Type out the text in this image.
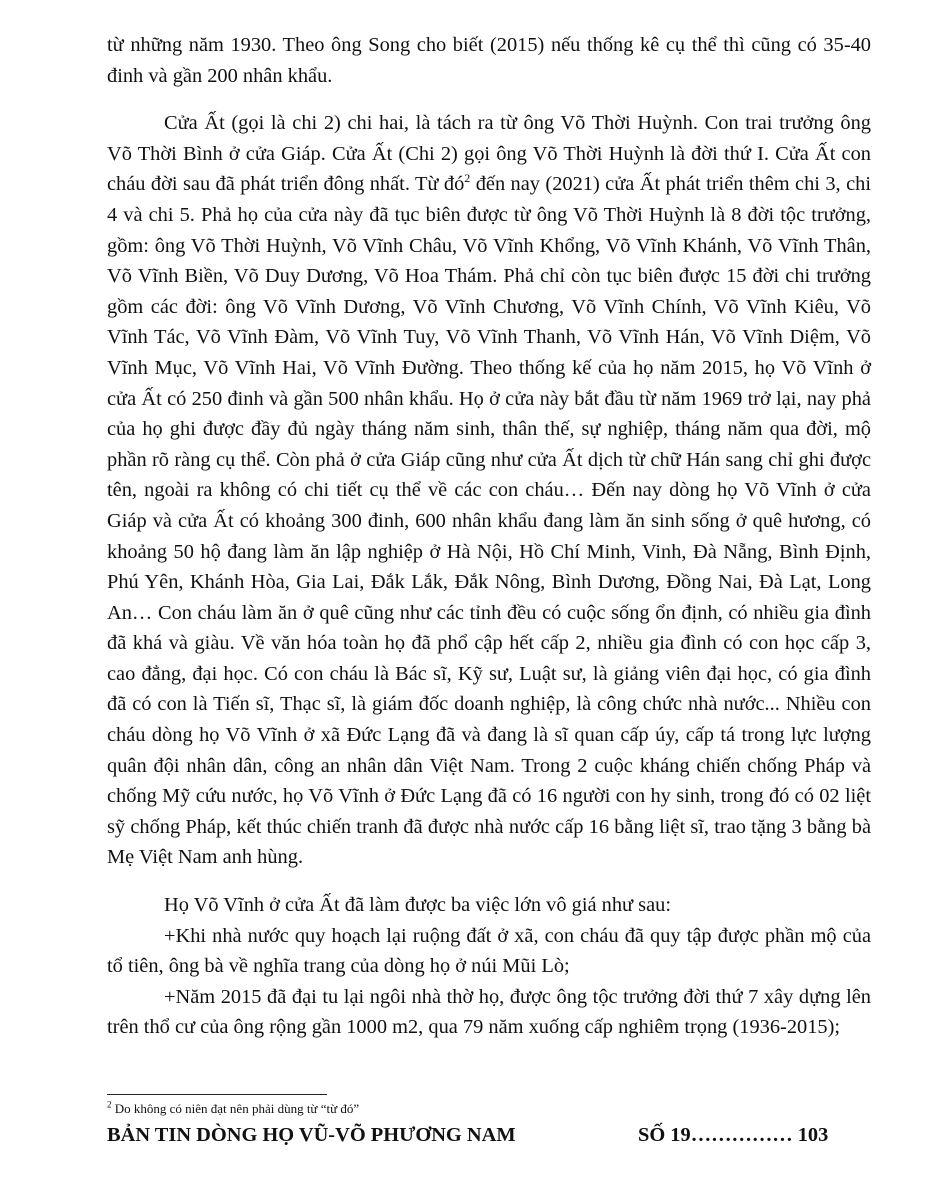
từ những năm 1930. Theo ông Song cho biết (2015) nếu thống kê cụ thể thì cũng có 35-40 đinh và gần 200 nhân khẩu.

Cửa Ất (gọi là chi 2) chi hai, là tách ra từ ông Võ Thời Huỳnh. Con trai trưởng ông Võ Thời Bình ở cửa Giáp. Cửa Ất (Chi 2) gọi ông Võ Thời Huỳnh là đời thứ I. Cửa Ất con cháu đời sau đã phát triển đông nhất. Từ $đó^2$ đến nay (2021) cửa Ất phát triển thêm chi 3, chi 4 và chi 5. Phả họ của cửa này đã tục biên được từ ông Võ Thời Huỳnh là 8 đời tộc trưởng, gồm: ông Võ Thời Huỳnh, Võ Vĩnh Châu, Võ Vĩnh Khổng, Võ Vĩnh Khánh, Võ Vĩnh Thân, Võ Vĩnh Biền, Võ Duy Dương, Võ Hoa Thám. Phả chỉ còn tục biên được 15 đời chi trưởng gồm các đời: ông Võ Vĩnh Dương, Võ Vĩnh Chương, Võ Vĩnh Chính, Võ Vĩnh Kiêu, Võ Vĩnh Tác, Võ Vĩnh Đàm, Võ Vĩnh Tuy, Võ Vĩnh Thanh, Võ Vĩnh Hán, Võ Vĩnh Diệm, Võ Vĩnh Mục, Võ Vĩnh Hai, Võ Vĩnh Đường. Theo thống kế của họ năm 2015, họ Võ Vĩnh ở cửa Ất có 250 đinh và gần 500 nhân khẩu. Họ ở cửa này bắt đầu từ năm 1969 trở lại, nay phả của họ ghi được đầy đủ ngày tháng năm sinh, thân thế, sự nghiệp, tháng năm qua đời, mộ phần rõ ràng cụ thể. Còn phả ở cửa Giáp cũng như cửa Ất dịch từ chữ Hán sang chỉ ghi được tên, ngoài ra không có chi tiết cụ thể về các con cháu… Đến nay dòng họ Võ Vĩnh ở cửa Giáp và cửa Ất có khoảng 300 đinh, 600 nhân khẩu đang làm ăn sinh sống ở quê hương, có khoảng 50 hộ đang làm ăn lập nghiệp ở Hà Nội, Hồ Chí Minh, Vinh, Đà Nẵng, Bình Định, Phú Yên, Khánh Hòa, Gia Lai, Đắk Lắk, Đắk Nông, Bình Dương, Đồng Nai, Đà Lạt, Long An… Con cháu làm ăn ở quê cũng như các tỉnh đều có cuộc sống ổn định, có nhiều gia đình đã khá và giàu. Về văn hóa toàn họ đã phổ cập hết cấp 2, nhiều gia đình có con học cấp 3, cao đẳng, đại học. Có con cháu là Bác sĩ, Kỹ sư, Luật sư, là giảng viên đại học, có gia đình đã có con là Tiến sĩ, Thạc sĩ, là giám đốc doanh nghiệp, là công chức nhà nước... Nhiều con cháu dòng họ Võ Vĩnh ở xã Đức Lạng đã và đang là sĩ quan cấp úy, cấp tá trong lực lượng quân đội nhân dân, công an nhân dân Việt Nam. Trong 2 cuộc kháng chiến chống Pháp và chống Mỹ cứu nước, họ Võ Vĩnh ở Đức Lạng đã có 16 người con hy sinh, trong đó có 02 liệt sỹ chống Pháp, kết thúc chiến tranh đã được nhà nước cấp 16 bằng liệt sĩ, trao tặng 3 bằng bà Mẹ Việt Nam anh hùng.

Họ Võ Vĩnh ở cửa Ất đã làm được ba việc lớn vô giá như sau:

+Khi nhà nước quy hoạch lại ruộng đất ở xã, con cháu đã quy tập được phần mộ của tổ tiên, ông bà về nghĩa trang của dòng họ ở núi Mũi Lò;

+Năm 2015 đã đại tu lại ngôi nhà thờ họ, được ông tộc trưởng đời thứ 7 xây dựng lên trên thổ cư của ông rộng gần 1000 m2, qua 79 năm xuống cấp nghiêm trọng (1936-2015);

$^2$ Do không có niên đạt nên phải dùng từ “từ đó”
BẢN TIN DÒNG HỌ VŨ-VÕ PHƯƠNG NAM	SỐ 19…………… 103
